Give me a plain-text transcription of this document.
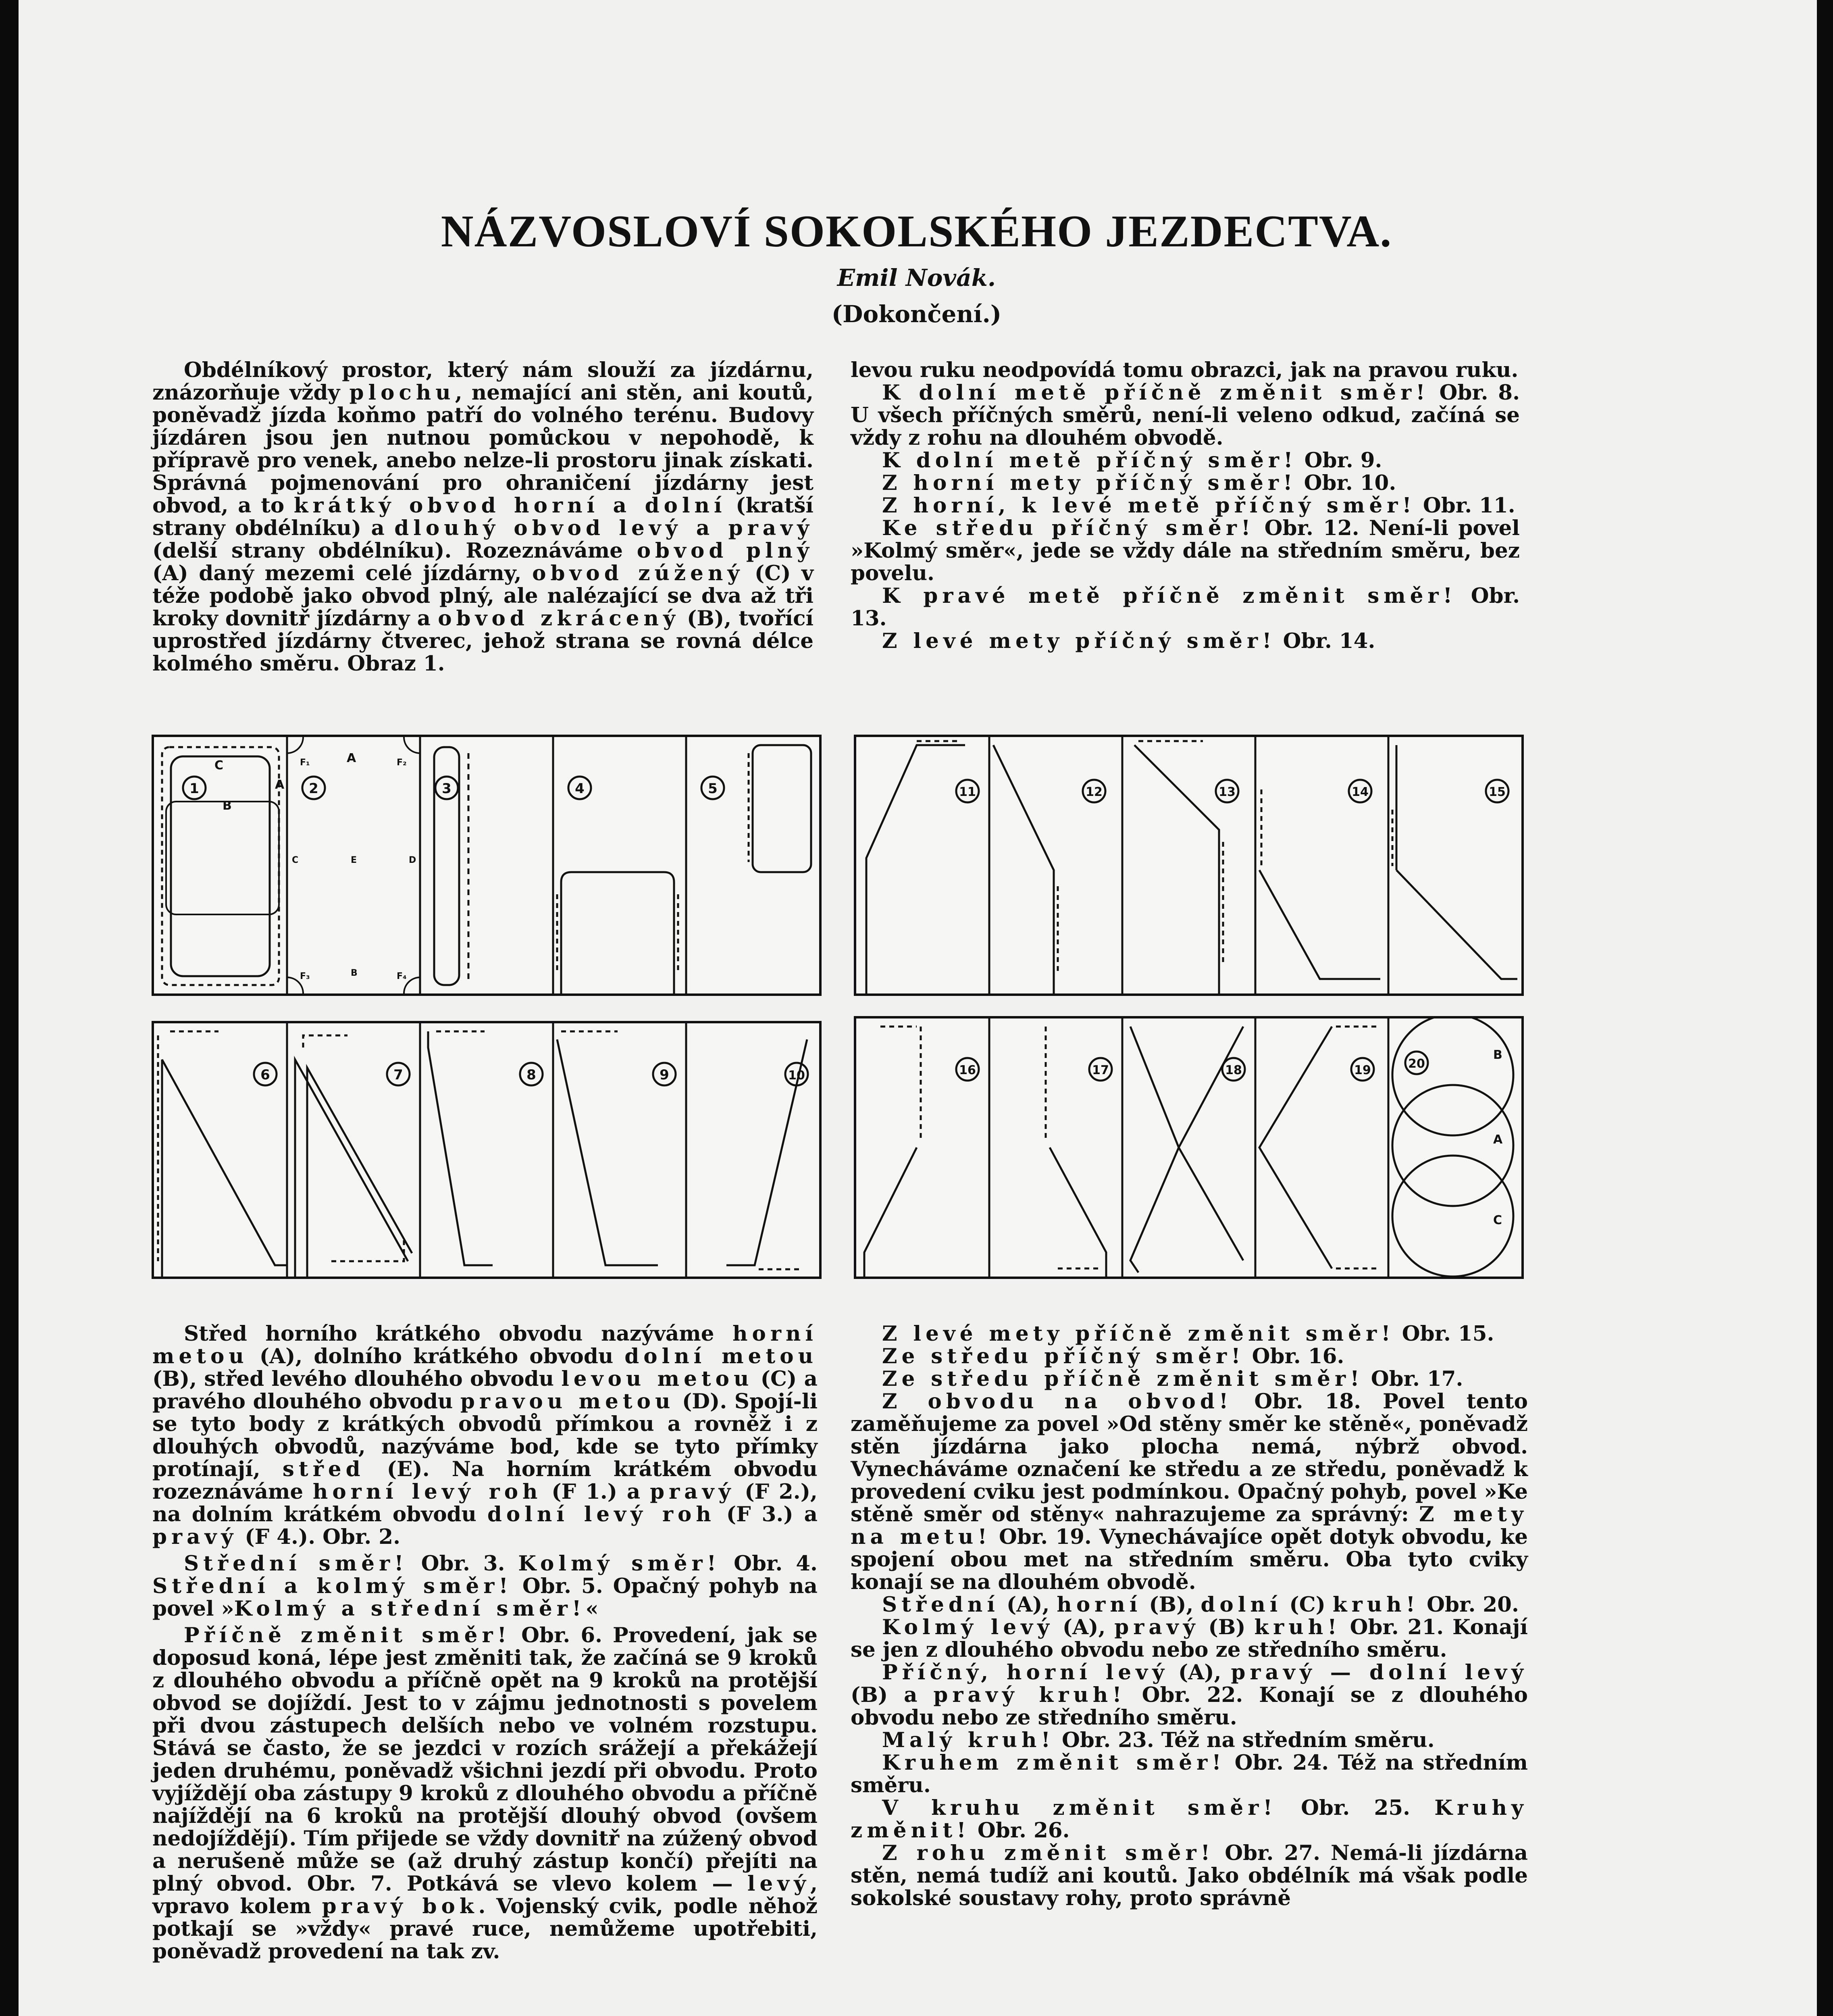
NÁZVOSLOVÍ SOKOLSKÉHO JEZDECTVA.
Emil Novák.
(Dokončení.)

Obdélníkový prostor, který nám slouží za jízdárnu, znázorňuje vždy plochu, nemající ani stěn, ani koutů, poněvadž jízda koňmo patří do volného terénu. Budovy jízdáren jsou jen nutnou pomůckou v nepohodě, k přípravě pro venek, anebo nelze-li prostoru jinak získati. Správná pojmenování pro ohraničení jízdárny jest obvod, a to krátký obvod horní a dolní (kratší strany obdélníku) a dlouhý obvod levý a pravý (delší strany obdélníku). Rozeznáváme obvod plný (A) daný mezemi celé jízdárny, obvod zúžený (C) v téže podobě jako obvod plný, ale nalézající se dva až tři kroky dovnitř jízdárny a obvod zkrácený (B), tvořící uprostřed jízdárny čtverec, jehož strana se rovná délce kolmého směru. Obraz 1.

levou ruku neodpovídá tomu obrazci, jak na pravou ruku.

K dolní metě příčně změnit směr! Obr. 8. U všech příčných směrů, není-li veleno odkud, začíná se vždy z rohu na dlouhém obvodě.

K dolní metě příčný směr! Obr. 9.

Z horní mety příčný směr! Obr. 10.

Z horní, k levé metě příčný směr! Obr. 11.

Ke středu příčný směr! Obr. 12. Není-li povel »Kolmý směr«, jede se vždy dále na středním směru, bez povelu.

K pravé metě příčně změnit směr! Obr. 13.

Z levé mety příčný směr! Obr. 14.

1	2	3	4	5
C
B
A
F₁	A	F₂
C	E	D
F₃	B	F₄
11	12	13	14	15
6	7	8	9	10	16	17	18	19	20
B
A
C

Střed horního krátkého obvodu nazýváme horní metou (A), dolního krátkého obvodu dolní metou (B), střed levého dlouhého obvodu levou metou (C) a pravého dlouhého obvodu pravou metou (D). Spojí-li se tyto body z krátkých obvodů přímkou a rovněž i z dlouhých obvodů, nazýváme bod, kde se tyto přímky protínají, střed (E). Na horním krátkém obvodu rozeznáváme horní levý roh (F 1.) a pravý (F 2.), na dolním krátkém obvodu dolní levý roh (F 3.) a pravý (F 4.). Obr. 2.

Střední směr! Obr. 3. Kolmý směr! Obr. 4. Střední a kolmý směr! Obr. 5. Opačný pohyb na povel »Kolmý a střední směr!«

Příčně změnit směr! Obr. 6. Provedení, jak se doposud koná, lépe jest změniti tak, že začíná se 9 kroků z dlouhého obvodu a příčně opět na 9 kroků na protější obvod se dojíždí. Jest to v zájmu jednotnosti s povelem při dvou zástupech delších nebo ve volném rozstupu. Stává se často, že se jezdci v rozích srážejí a překážejí jeden druhému, poněvadž všichni jezdí při obvodu. Proto vyjíždějí oba zástupy 9 kroků z dlouhého obvodu a příčně najíždějí na 6 kroků na protější dlouhý obvod (ovšem nedojíždějí). Tím přijede se vždy dovnitř na zúžený obvod a nerušeně může se (až druhý zástup končí) přejíti na plný obvod. Obr. 7. Potkává se vlevo kolem — levý, vpravo kolem pravý bok. Vojenský cvik, podle něhož potkají se »vždy« pravé ruce, nemůžeme upotřebiti, poněvadž provedení na tak zv.

Z levé mety příčně změnit směr! Obr. 15.

Ze středu příčný směr! Obr. 16.

Ze středu příčně změnit směr! Obr. 17.

Z obvodu na obvod! Obr. 18. Povel tento zaměňujeme za povel »Od stěny směr ke stěně«, poněvadž stěn jízdárna jako plocha nemá, nýbrž obvod. Vynecháváme označení ke středu a ze středu, poněvadž k provedení cviku jest podmínkou. Opačný pohyb, povel »Ke stěně směr od stěny« nahrazujeme za správný: Z mety na metu! Obr. 19. Vynechávajíce opět dotyk obvodu, ke spojení obou met na středním směru. Oba tyto cviky konají se na dlouhém obvodě.

Střední (A), horní (B), dolní (C) kruh! Obr. 20.

Kolmý levý (A), pravý (B) kruh! Obr. 21. Konají se jen z dlouhého obvodu nebo ze středního směru.

Příčný, horní levý (A), pravý — dolní levý (B) a pravý kruh! Obr. 22. Konají se z dlouhého obvodu nebo ze středního směru.

Malý kruh! Obr. 23. Též na středním směru.

Kruhem změnit směr! Obr. 24. Též na středním směru.

V kruhu změnit směr! Obr. 25. Kruhy změnit! Obr. 26.

Z rohu změnit směr! Obr. 27. Nemá-li jízdárna stěn, nemá tudíž ani koutů. Jako obdélník má však podle sokolské soustavy rohy, proto správně
